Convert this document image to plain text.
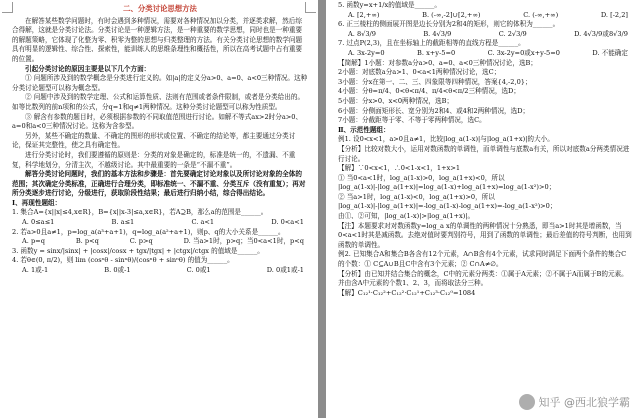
二、分类讨论思想方法

在解答某些数学问题时，有时会遇到多种情况，需要对各种情况加以分类，并逐类求解，然后综合得解，这就是分类讨论法。分类讨论是一种逻辑方法，是一种重要的数学思想，同时也是一种重要的解题策略，它体现了化整为零、积零为整的思想与归类整理的方法。有关分类讨论思想的数学问题具有明显的逻辑性、综合性、探索性，能训练人的思维条理性和概括性，所以在高考试题中占有重要的位置。

引起分类讨论的原因主要是以下几个方面：

① 问题所涉及到的数学概念是分类进行定义的。如|a|的定义分a>0、a=0、a<0三种情况。这种分类讨论题型可以称为概念型。

② 问题中涉及到的数学定理、公式和运算性质、法则有范围或者条件限制，或者是分类给出的。如等比数列的前n项和的公式，分q=1和q≠1两种情况。这种分类讨论题型可以称为性质型。

③ 解含有参数的题目时，必须根据参数的不同取值范围进行讨论。如解不等式ax>2时分a>0、a=0和a<0三种情况讨论。这称为含参型。

另外，某些不确定的数量、不确定的图形的形状或位置、不确定的结论等，都主要通过分类讨论，保证其完整性，使之具有确定性。

进行分类讨论时，我们要遵循的原则是：分类的对象是确定的，标准是统一的，不遗漏、不重复，科学地划分，分清主次，不越级讨论。其中最重要的一条是“不漏不重”。

解答分类讨论问题时，我们的基本方法和步骤是：首先要确定讨论对象以及所讨论对象的全体的范围；其次确定分类标准，正确进行合理分类，即标准统一、不漏不重、分类互斥（没有重复）；再对所分类逐步进行讨论，分级进行，获取阶段性结果；最后进行归纳小结，综合得出结论。

Ⅰ、再现性题组：

1. 集合A={x||x|≤4,x∈R}，B={x||x-3|≤a,x∈R}，若A⊇B，那么a的范围是______。

A. 0≤a≤1	B. a≤1	C. a<1	D. 0<a<1

2. 若a>0且a≠1，p=log_a(a³+a+1)，q=log_a(a²+a+1)，则p、q的大小关系是______。

A. p=q	B. p<q	C. p>q	D. 当a>1时，p>q；当0<a<1时，p<q

3. 函数y = sinx/|sinx| + |cosx|/cosx + tgx/|tgx| + |ctgx|/ctgx 的值域是______。

4. 若θ∈(0, π/2)，则 lim (cosⁿθ - sinⁿθ)/(cosⁿθ + sinⁿθ) 的值为______。

A. 1或-1	B. 0或-1	C. 0或1	D. 0或1或-1

5. 函数y=x+1/x的值域是______。

A. [2,+∞)	B. (-∞,-2]∪[2,+∞)	C. (-∞,+∞)	D. [-2,2]

6. 正三棱柱的侧面展开图是边长分别为2和4的矩形，则它的体积为______。

A. 8√3/9	B. 4√3/9	C. 2√3/9	D. 4√3/9或8√3/9

7. 过点P(2,3)，且在坐标轴上的截距相等的直线方程是______。

A. 3x-2y=0	B. x+y-5=0	C. 3x-2y=0或x+y-5=0	D. 不能确定

【简解】1小题：对参数a分a>0、a=0、a<0三种情况讨论，选B；

2小题：对底数a分a>1、0<a<1两种情况讨论，选C；

3小题：分x在第一、二、三、四象限等四种情况，答案{4,-2,0}；

4小题：分θ=π/4、0<θ<π/4、π/4<θ<π/2三种情况，选D；

5小题：分x>0、x<0两种情况，选B；

6小题：分侧面矩形长、宽分别为2和4、或4和2两种情况，选D；

7小题：分截距等于零、不等于零两种情况，选C。

Ⅱ、示范性题组：

例1. 设0<x<1，a>0且a≠1，比较|log_a(1-x)|与|log_a(1+x)|的大小。

【分析】比较对数大小，运用对数函数的单调性，而单调性与底数a有关，所以对底数a分两类情况进行讨论。

【解】∵0<x<1，∴0<1-x<1，1+x>1

① 当0<a<1时，log_a(1-x)>0，log_a(1+x)<0，所以

|log_a(1-x)|-|log_a(1+x)|=log_a(1-x)+log_a(1+x)=log_a(1-x²)>0；

② 当a>1时，log_a(1-x)<0，log_a(1+x)>0，所以

|log_a(1-x)|-|log_a(1+x)|=-log_a(1-x)-log_a(1+x)=-log_a(1-x²)>0；

由①、②可知，|log_a(1-x)|>|log_a(1+x)|。

【注】本题要求对对数函数y=log_a x的单调性的两种情况十分熟悉，即当a>1时其是增函数，当0<a<1时其是减函数。去绝对值时要判别符号，用到了函数的单调性；最后差值的符号判断，也用到函数的单调性。

例2. 已知集合A和集合B各含有12个元素，A∩B含有4个元素，试求同时满足下面两个条件的集合C的个数：① C⊆A∪B且C中含有3个元素；② C∩A≠∅。

【分析】由已知并结合集合的概念，C中的元素分两类：①属于A元素；②不属于A而属于B的元素。并由含A中元素的个数1、2、3，而将取法分三种。

【解】C₁₂¹·C₁₂²+C₁₂²·C₁₂¹+C₁₂³·C₁₂⁰=1084

知乎 @西北狼学霸
